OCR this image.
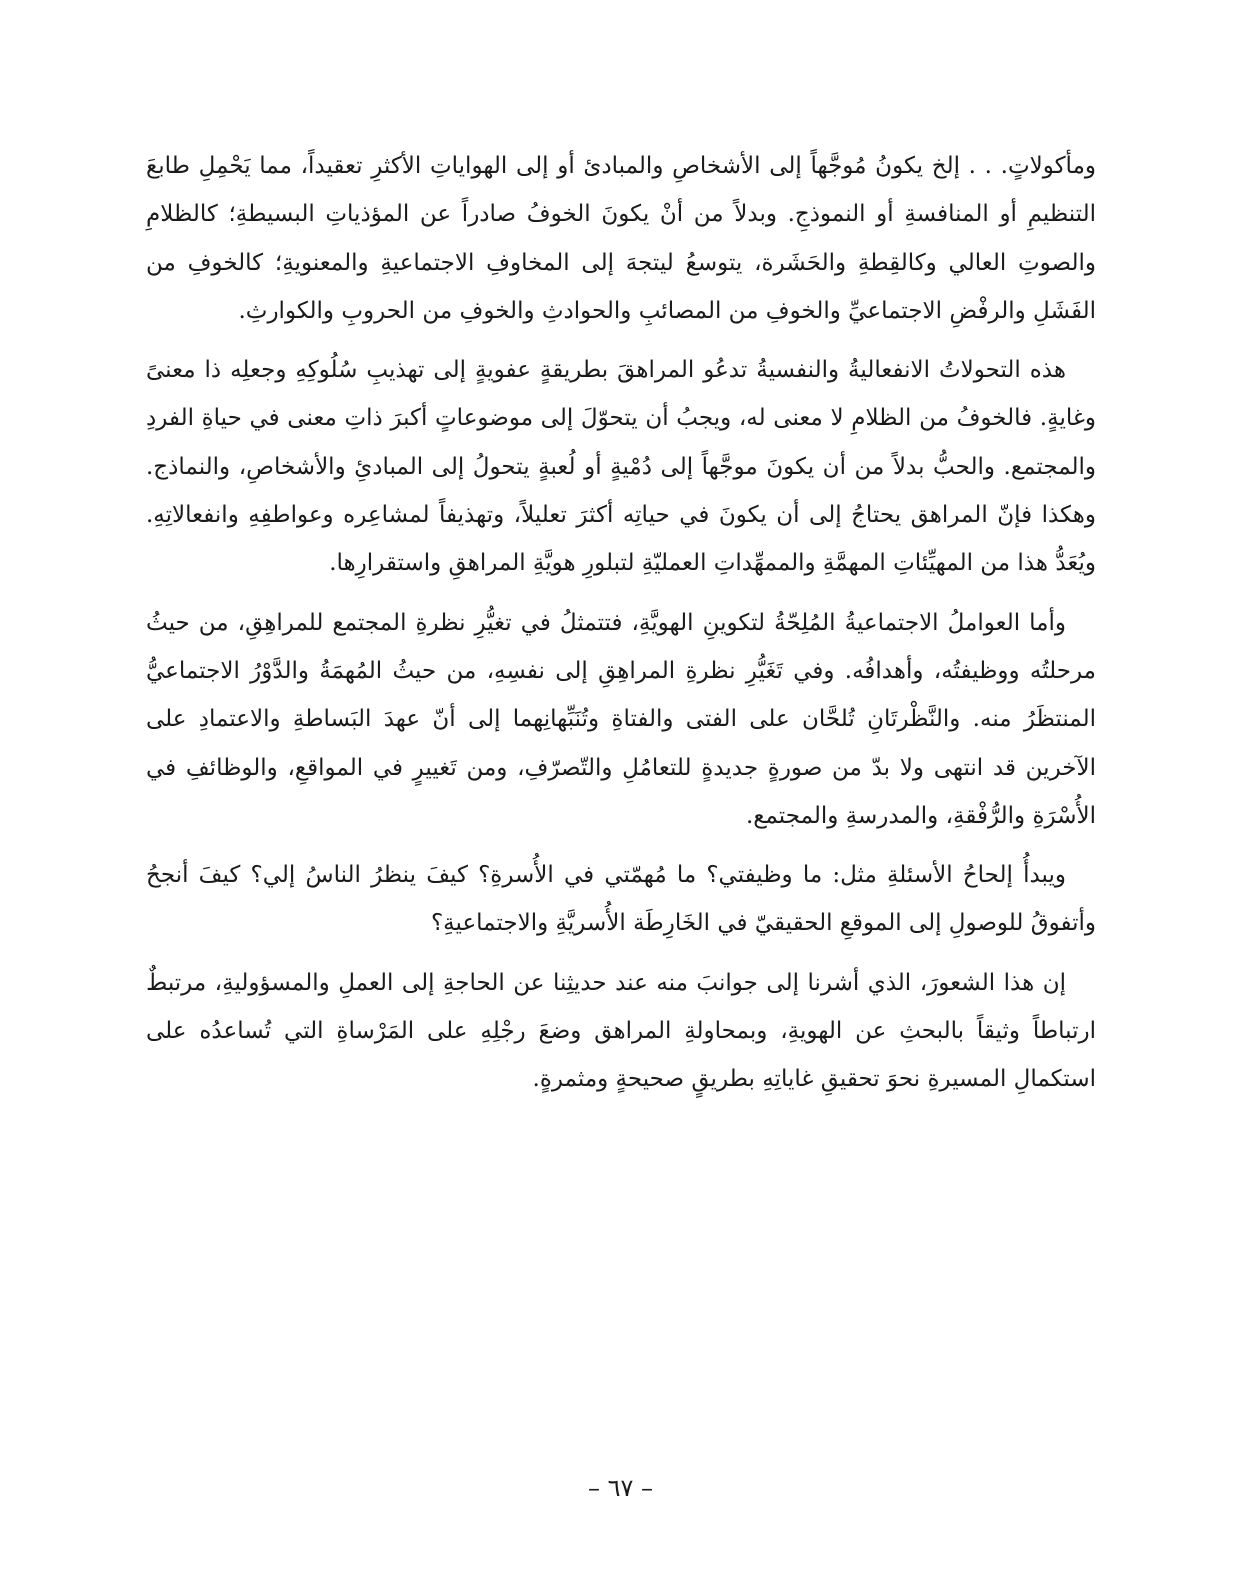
ومأكولاتٍ. . . إلخ يكونُ مُوجَّهاً إلى الأشخاصِ والمبادئ أو إلى الهواياتِ الأكثرِ تعقيداً، مما يَحْمِلِ طابعَ التنظيمِ أو المنافسةِ أو النموذجِ. وبدلاً من أنْ يكونَ الخوفُ صادراً عن المؤذياتِ البسيطةِ؛ كالظلامِ والصوتِ العالي وكالقِطةِ والحَشَرة، يتوسعُ ليتجهَ إلى المخاوفِ الاجتماعيةِ والمعنويةِ؛ كالخوفِ من الفَشَلِ والرفْضِ الاجتماعيِّ والخوفِ من المصائبِ والحوادثِ والخوفِ من الحروبِ والكوارثِ.

هذه التحولاتُ الانفعاليةُ والنفسيةُ تدعُو المراهقَ بطريقةٍ عفويةٍ إلى تهذيبِ سُلُوكِهِ وجعلِه ذا معنىً وغايةٍ. فالخوفُ من الظلامِ لا معنى له، ويجبُ أن يتحوّلَ إلى موضوعاتٍ أكبرَ ذاتِ معنى في حياةِ الفردِ والمجتمع. والحبُّ بدلاً من أن يكونَ موجَّهاً إلى دُمْيةٍ أو لُعبةٍ يتحولُ إلى المبادئِ والأشخاصِ، والنماذج. وهكذا فإنّ المراهق يحتاجُ إلى أن يكونَ في حياتِه أكثرَ تعليلاً، وتهذيفاً لمشاعِره وعواطفِهِ وانفعالاتِهِ. ويُعَدُّ هذا من المهيِّئاتِ المهمَّةِ والممهِّداتِ العمليّةِ لتبلورِ هويَّةِ المراهقِ واستقرارِها.

وأما العواملُ الاجتماعيةُ المُلِحّةُ لتكوينِ الهويَّةِ، فتتمثلُ في تغيُّرِ نظرةِ المجتمع للمراهِقِ، من حيثُ مرحلتُه ووظيفتُه، وأهدافُه. وفي تَغَيُّرِ نظرةِ المراهِقِ إلى نفسِهِ، من حيثُ المُهمَةُ والدَّوْرُ الاجتماعيُّ المنتظَرُ منه. والنَّظْرتَانِ تُلحَّان على الفتى والفتاةِ وتُنَبِّهانِهما إلى أنّ عهدَ البَساطةِ والاعتمادِ على الآخرين قد انتهى ولا بدّ من صورةٍ جديدةٍ للتعامُلِ والتّصرّفِ، ومن تَغييرٍ في المواقعِ، والوظائفِ في الأُسْرَةِ والرُّفْقةِ، والمدرسةِ والمجتمع.

ويبدأُ إلحاحُ الأسئلةِ مثل: ما وظيفتي؟ ما مُهمّتي في الأُسرةِ؟ كيفَ ينظرُ الناسُ إلي؟ كيفَ أنجحُ وأتفوقُ للوصولِ إلى الموقعِ الحقيقيّ في الخَارِطَة الأُسريَّةِ والاجتماعيةِ؟

إن هذا الشعورَ، الذي أشرنا إلى جوانبَ منه عند حديثِنا عن الحاجةِ إلى العملِ والمسؤوليةِ، مرتبطٌ ارتباطاً وثيقاً بالبحثِ عن الهويةِ، وبمحاولةِ المراهق وضعَ رجْلِهِ على المَرْساةِ التي تُساعدُه على استكمالِ المسيرةِ نحوَ تحقيقِ غاياتِهِ بطريقٍ صحيحةٍ ومثمرةٍ.

– ٦٧ –
